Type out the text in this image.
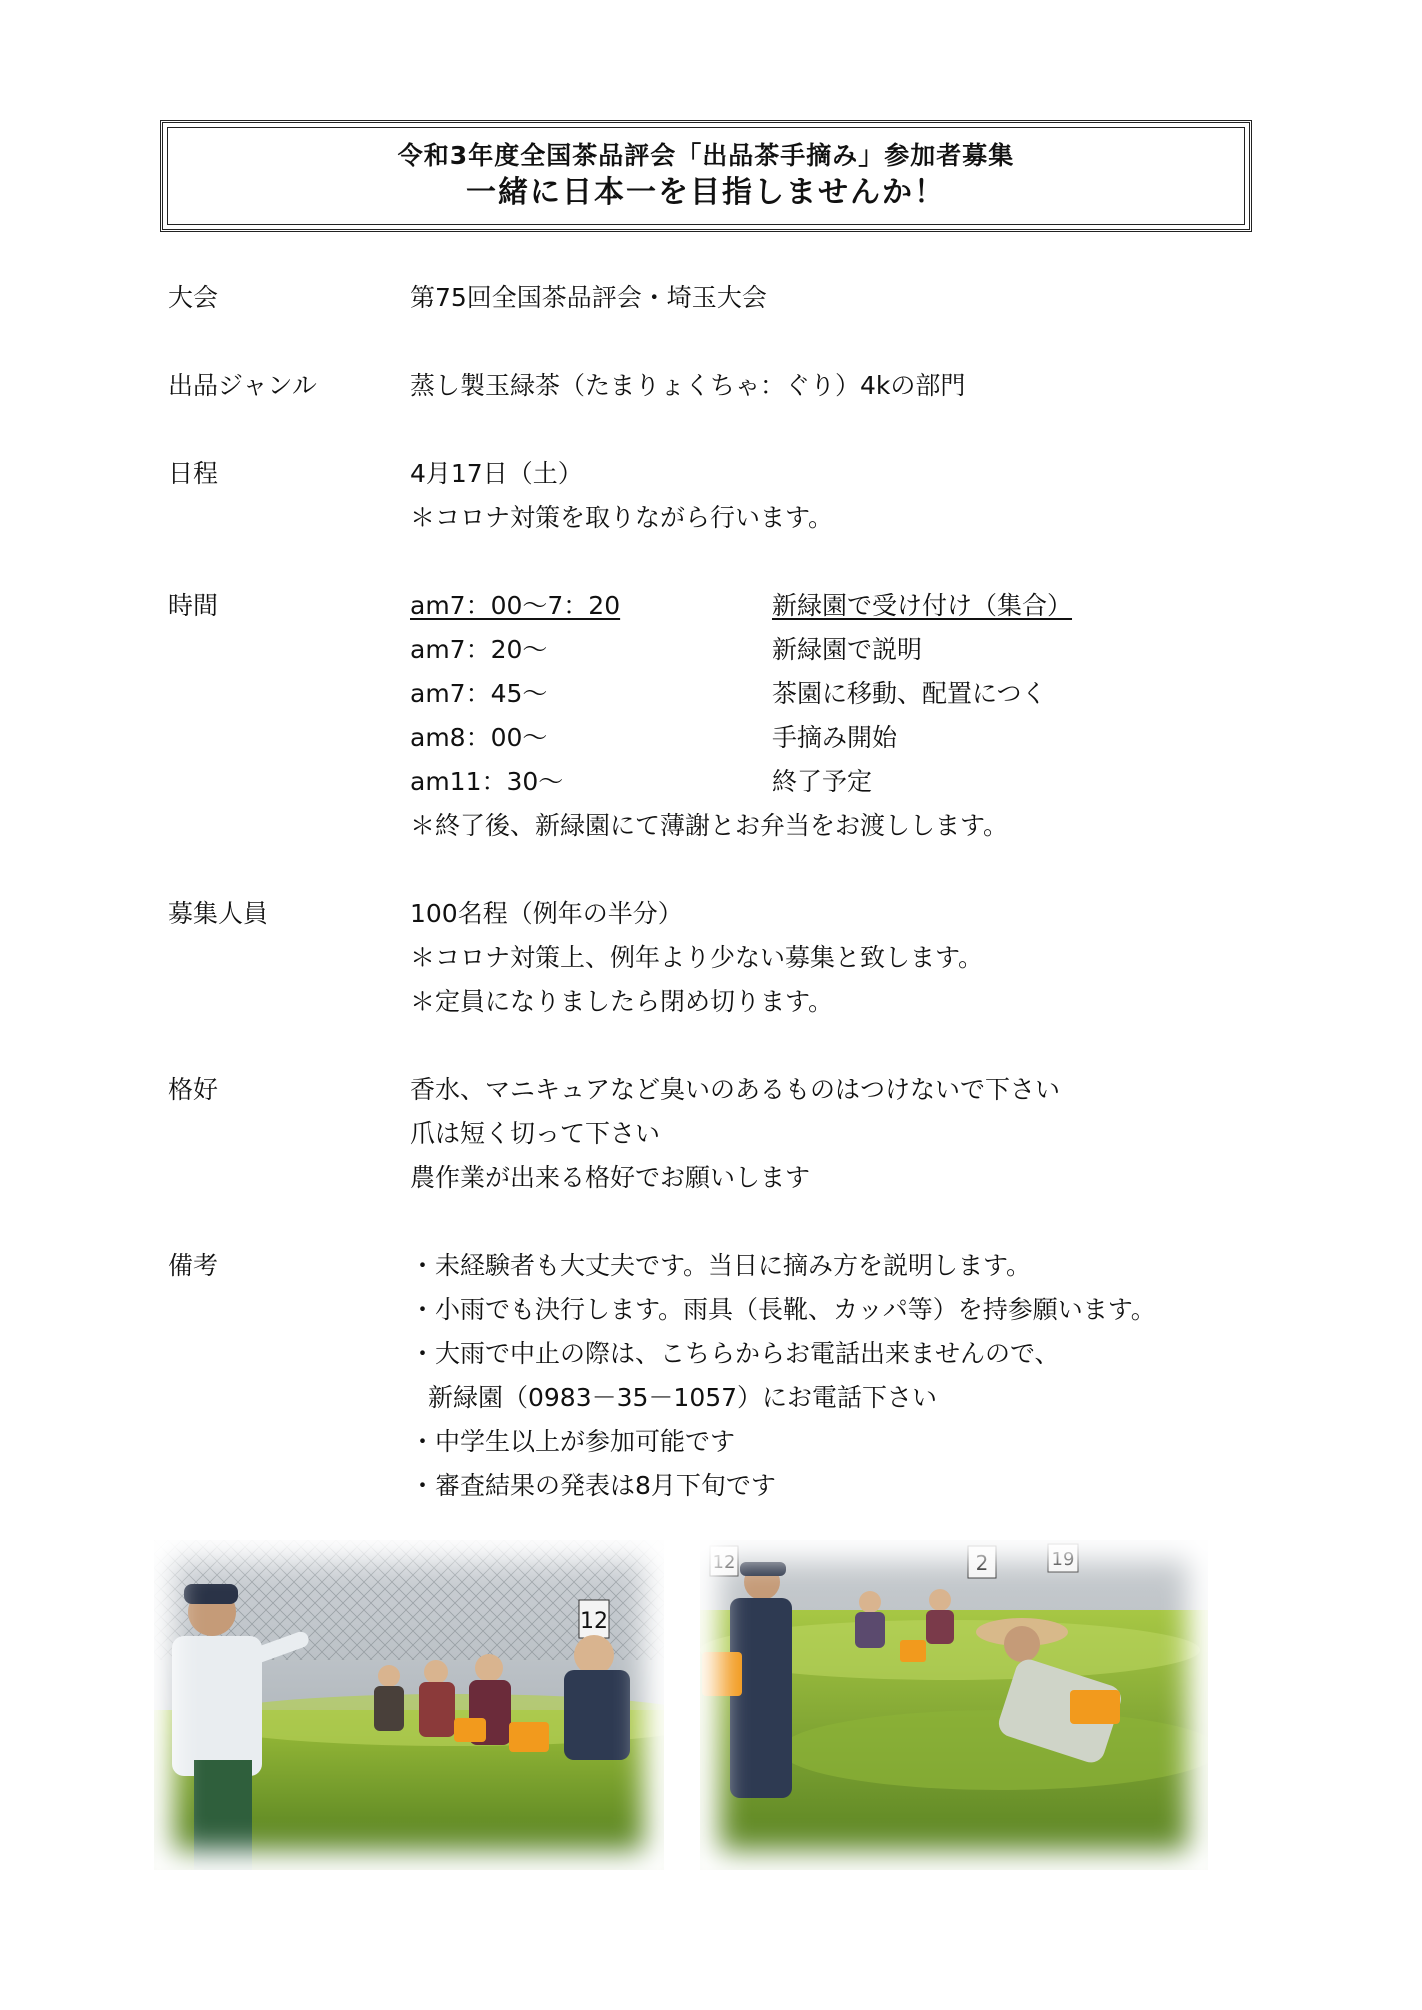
令和3年度全国茶品評会「出品茶手摘み」参加者募集
一緒に日本一を目指しませんか！
大会	第75回全国茶品評会・埼玉大会
出品ジャンル	蒸し製玉緑茶（たまりょくちゃ：ぐり）4kの部門
日程	4月17日（土）
＊コロナ対策を取りながら行います。
時間	am7：00～7：20	新緑園で受け付け（集合）
am7：20～	新緑園で説明
am7：45～	茶園に移動、配置につく
am8：00～	手摘み開始
am11：30～	終了予定
＊終了後、新緑園にて薄謝とお弁当をお渡しします。
募集人員	100名程（例年の半分）
＊コロナ対策上、例年より少ない募集と致します。
＊定員になりましたら閉め切ります。
格好	香水、マニキュアなど臭いのあるものはつけないで下さい
爪は短く切って下さい
農作業が出来る格好でお願いします
備考	・未経験者も大丈夫です。当日に摘み方を説明します。
・小雨でも決行します。雨具（長靴、カッパ等）を持参願います。
・大雨で中止の際は、こちらからお電話出来ませんので、
新緑園（0983－35－1057）にお電話下さい
・中学生以上が参加可能です
・審査結果の発表は8月下旬です
12
12	2	19
